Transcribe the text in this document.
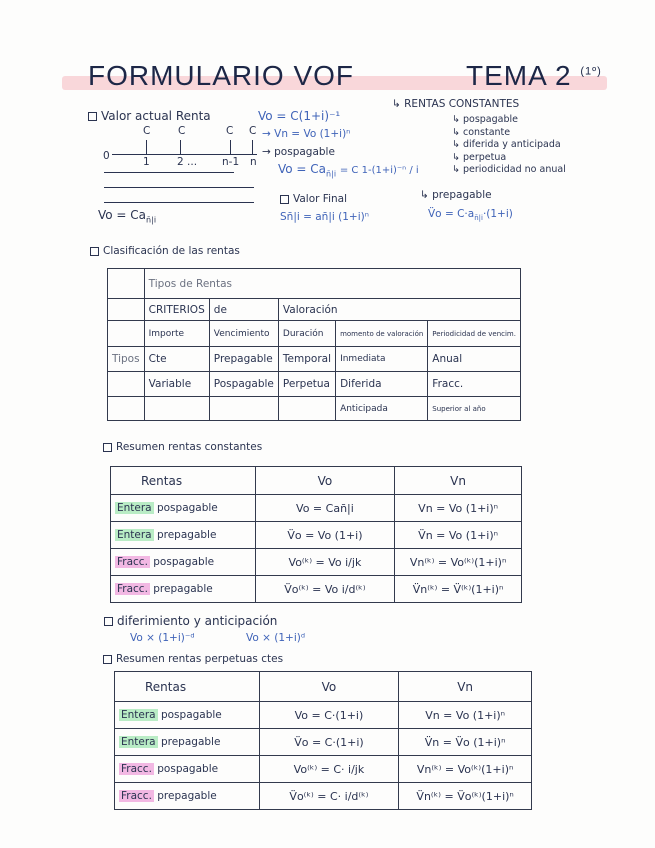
FORMULARIO VOF	TEMA 2 $^{(1º)}$
Valor actual Renta	Vo = C(1+i)⁻¹
C	C	C C
0	1	2 ... n-1 n
→ Vn = Vo (1+i)ⁿ
→ pospagable
$Vo = Ca_{n̄|i} = C$ 1-(1+i)⁻ⁿ / i
$Vo = Ca_{n̄|i}$
↳ RENTAS CONSTANTES
↳ pospagable
↳ constante
↳ diferida y anticipada
↳ perpetua
↳ periodicidad no anual
↳ prepagable
V̈o = $C\cdot a_{n̄|i}\cdot(1+i)$
Valor Final
Sn̄|i = an̄|i (1+i)ⁿ
Clasificación de las rentas
	Tipos de Rentas				
	CRITERIOS	de	Valoración		
	Importe	Vencimiento	Duración	momento de valoración	Periodicidad de vencim.
Tipos	Cte	Prepagable	Temporal	Inmediata	Anual
	Variable	Pospagable	Perpetua	Diferida	Fracc.
				Anticipada	Superior al año
Resumen rentas constantes
Rentas	Vo	Vn
Entera pospagable	Vo = Can̄|i	Vn = Vo (1+i)ⁿ
Entera prepagable	V̈o = Vo (1+i)	V̈n = Vo (1+i)ⁿ
Fracc. pospagable	Vo⁽ᵏ⁾ = Vo i/jk	Vn⁽ᵏ⁾ = Vo⁽ᵏ⁾(1+i)ⁿ
Fracc. prepagable	V̈o⁽ᵏ⁾ = Vo i/d⁽ᵏ⁾	V̈n⁽ᵏ⁾ = V̈⁽ᵏ⁾(1+i)ⁿ
diferimiento y anticipación
Vo × (1+i)⁻ᵈ	Vo × (1+i)ᵈ
Resumen rentas perpetuas ctes
Rentas	Vo	Vn
Entera pospagable	Vo = C·(1+i)	Vn = Vo (1+i)ⁿ
Entera prepagable	V̈o = C·(1+i)	V̈n = V̈o (1+i)ⁿ
Fracc. pospagable	Vo⁽ᵏ⁾ = C· i/jk	Vn⁽ᵏ⁾ = Vo⁽ᵏ⁾(1+i)ⁿ
Fracc. prepagable	V̈o⁽ᵏ⁾ = C· i/d⁽ᵏ⁾	V̈n⁽ᵏ⁾ = V̈o⁽ᵏ⁾(1+i)ⁿ
